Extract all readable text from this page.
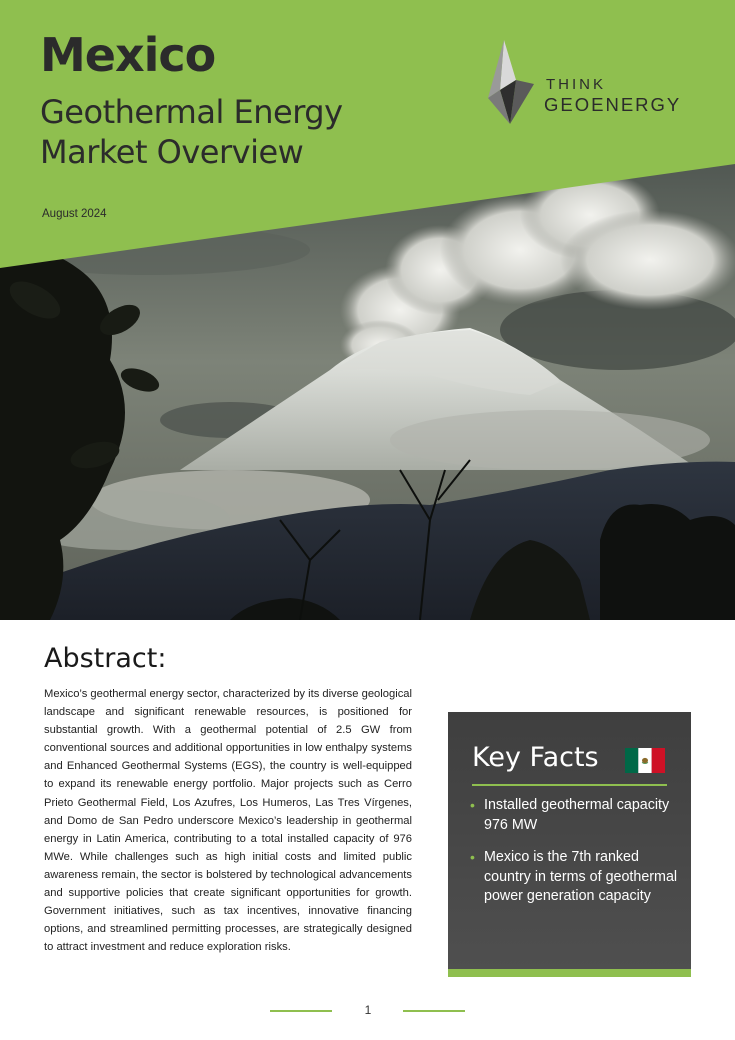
Mexico
Geothermal Energy
Market Overview
August 2024
THINK
GEOENERGY
Abstract:

Mexico’s geothermal energy sector, characterized by its diverse geological landscape and significant renewable resources, is positioned for substantial growth. With a geothermal potential of 2.5 GW from conventional sources and additional opportunities in low enthalpy systems and Enhanced Geothermal Systems (EGS), the country is well-equipped to expand its renewable energy portfolio. Major projects such as Cerro Prieto Geothermal Field, Los Azufres, Los Humeros, Las Tres Vírgenes, and Domo de San Pedro underscore Mexico’s leadership in geothermal energy in Latin America, contributing to a total installed capacity of 976 MWe. While challenges such as high initial costs and limited public awareness remain, the sector is bolstered by technological advancements and supportive policies that create significant opportunities for growth. Government initiatives, such as tax incentives, innovative financing options, and streamlined permitting processes, are strategically designed to attract investment and reduce exploration risks.

Key Facts
• Installed geothermal capacity 976 MW
• Mexico is the 7th ranked country in terms of geothermal power generation capacity
1
